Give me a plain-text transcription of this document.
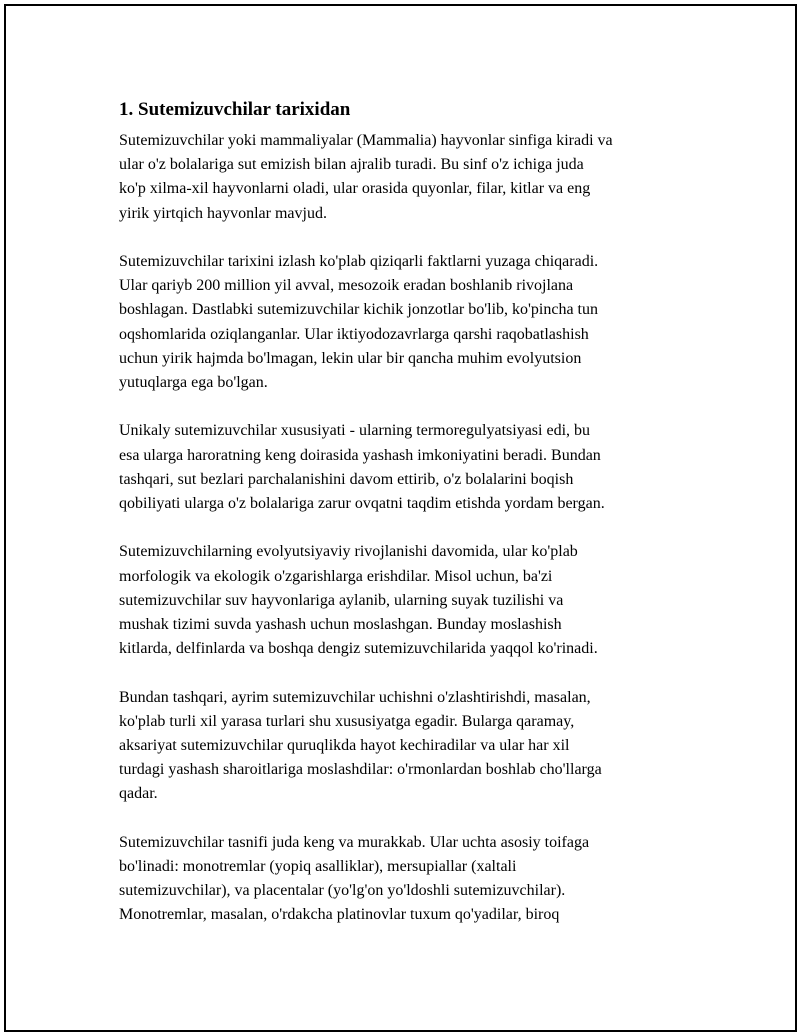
1. Sutemizuvchilar tarixidan

Sutemizuvchilar yoki mammaliyalar (Mammalia) hayvonlar sinfiga kiradi va
ular o'z bolalariga sut emizish bilan ajralib turadi. Bu sinf o'z ichiga juda
ko'p xilma-xil hayvonlarni oladi, ular orasida quyonlar, filar, kitlar va eng
yirik yirtqich hayvonlar mavjud.

Sutemizuvchilar tarixini izlash ko'plab qiziqarli faktlarni yuzaga chiqaradi.
Ular qariyb 200 million yil avval, mesozoik eradan boshlanib rivojlana
boshlagan. Dastlabki sutemizuvchilar kichik jonzotlar bo'lib, ko'pincha tun
oqshomlarida oziqlanganlar. Ular iktiyodozavrlarga qarshi raqobatlashish
uchun yirik hajmda bo'lmagan, lekin ular bir qancha muhim evolyutsion
yutuqlarga ega bo'lgan.

Unikaly sutemizuvchilar xususiyati - ularning termoregulyatsiyasi edi, bu
esa ularga haroratning keng doirasida yashash imkoniyatini beradi. Bundan
tashqari, sut bezlari parchalanishini davom ettirib, o'z bolalarini boqish
qobiliyati ularga o'z bolalariga zarur ovqatni taqdim etishda yordam bergan.

Sutemizuvchilarning evolyutsiyaviy rivojlanishi davomida, ular ko'plab
morfologik va ekologik o'zgarishlarga erishdilar. Misol uchun, ba'zi
sutemizuvchilar suv hayvonlariga aylanib, ularning suyak tuzilishi va
mushak tizimi suvda yashash uchun moslashgan. Bunday moslashish
kitlarda, delfinlarda va boshqa dengiz sutemizuvchilarida yaqqol ko'rinadi.

Bundan tashqari, ayrim sutemizuvchilar uchishni o'zlashtirishdi, masalan,
ko'plab turli xil yarasa turlari shu xususiyatga egadir. Bularga qaramay,
aksariyat sutemizuvchilar quruqlikda hayot kechiradilar va ular har xil
turdagi yashash sharoitlariga moslashdilar: o'rmonlardan boshlab cho'llarga
qadar.

Sutemizuvchilar tasnifi juda keng va murakkab. Ular uchta asosiy toifaga
bo'linadi: monotremlar (yopiq asalliklar), mersupiallar (xaltali
sutemizuvchilar), va placentalar (yo'lg'on yo'ldoshli sutemizuvchilar).
Monotremlar, masalan, o'rdakcha platinovlar tuxum qo'yadilar, biroq
